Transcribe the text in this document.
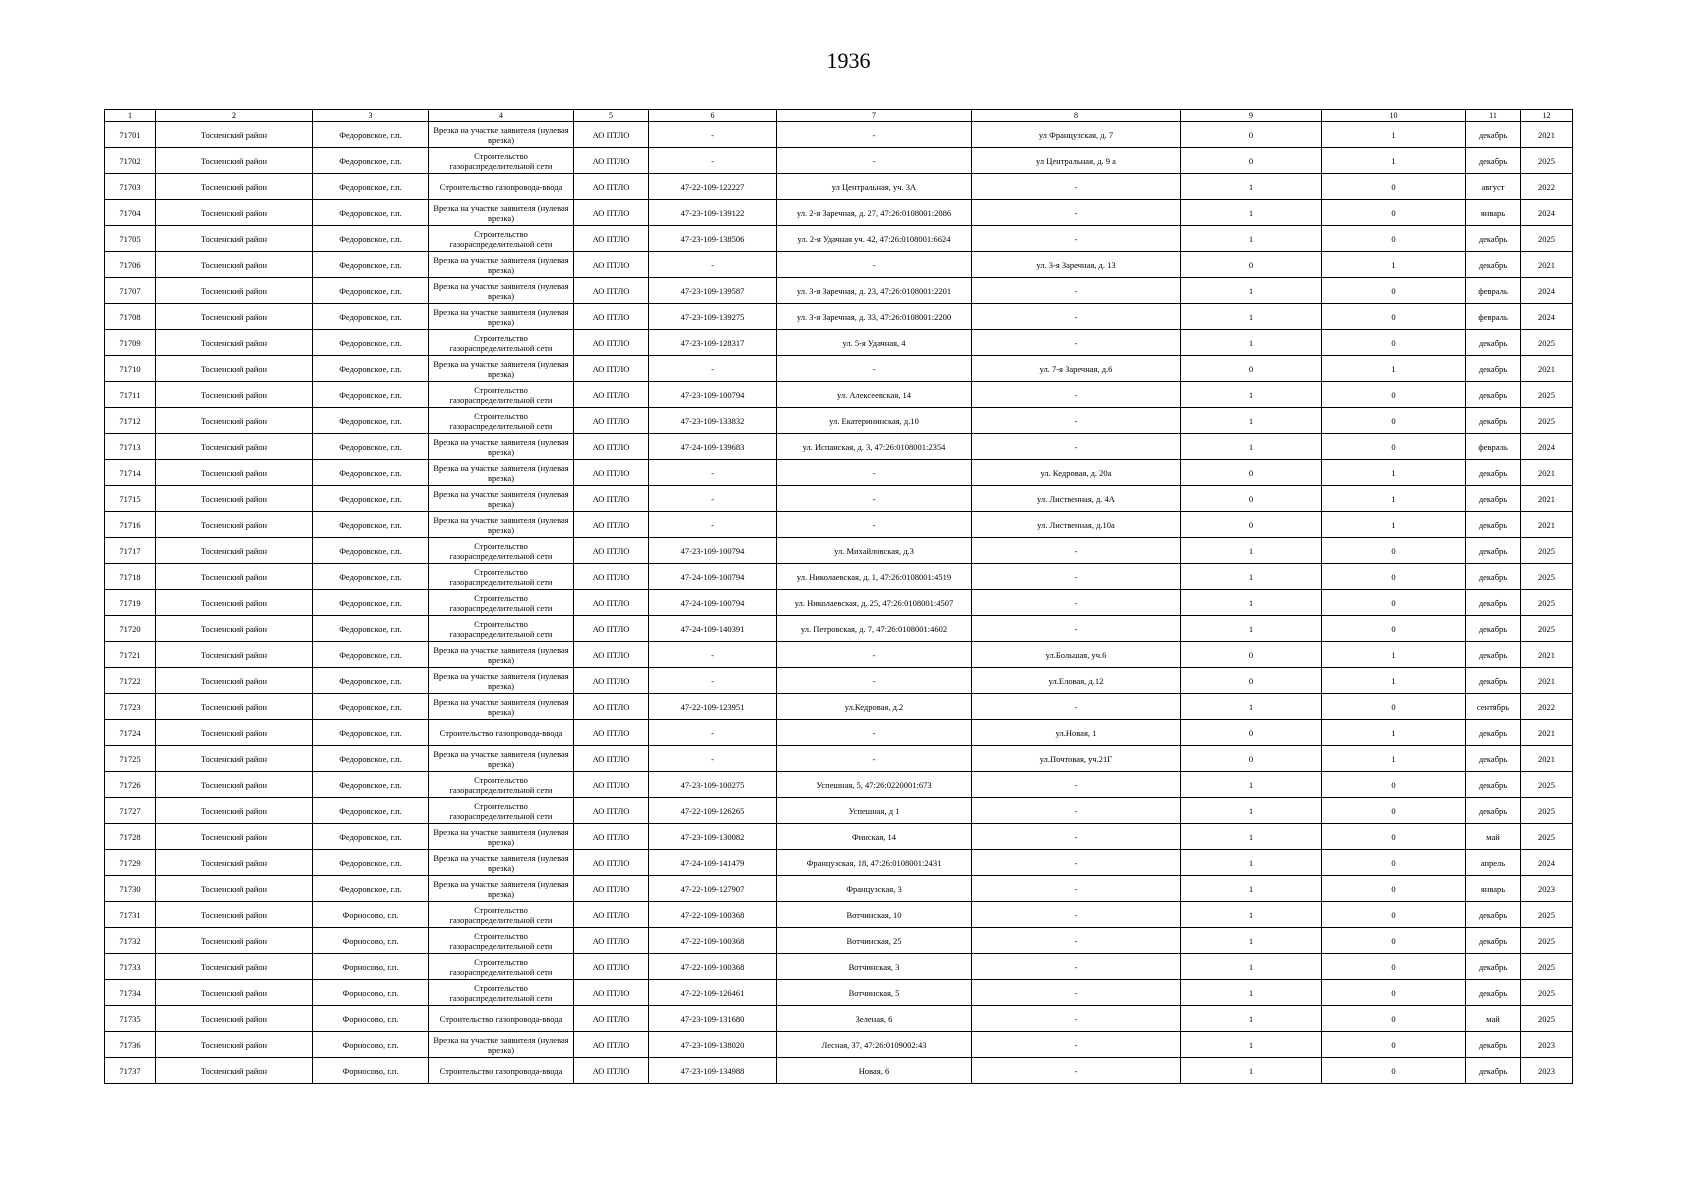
1936
1	2	3	4	5	6	7	8	9	10	11	12
71701	Тосненский район	Федоровское, г.п.	Врезка на участке заявителя (нулевая врезка)	АО ПТЛО	-	-	ул Французская, д. 7	0	1	декабрь	2021
71702	Тосненский район	Федоровское, г.п.	Строительство газораспределительной сети	АО ПТЛО	-	-	ул Центральная, д. 9 а	0	1	декабрь	2025
71703	Тосненский район	Федоровское, г.п.	Строительство газопровода-ввода	АО ПТЛО	47-22-109-122227	ул Центральная, уч. 3А	-	1	0	август	2022
71704	Тосненский район	Федоровское, г.п.	Врезка на участке заявителя (нулевая врезка)	АО ПТЛО	47-23-109-139122	ул. 2-я Заречная, д. 27, 47:26:0108001:2086	-	1	0	январь	2024
71705	Тосненский район	Федоровское, г.п.	Строительство газораспределительной сети	АО ПТЛО	47-23-109-138506	ул. 2-я Удачная уч. 42, 47:26:0108001:6624	-	1	0	декабрь	2025
71706	Тосненский район	Федоровское, г.п.	Врезка на участке заявителя (нулевая врезка)	АО ПТЛО	-	-	ул. 3-я Заречная, д. 13	0	1	декабрь	2021
71707	Тосненский район	Федоровское, г.п.	Врезка на участке заявителя (нулевая врезка)	АО ПТЛО	47-23-109-139587	ул. 3-я Заречная, д. 23, 47:26:0108001:2201	-	1	0	февраль	2024
71708	Тосненский район	Федоровское, г.п.	Врезка на участке заявителя (нулевая врезка)	АО ПТЛО	47-23-109-139275	ул. 3-я Заречная, д. 33, 47:26:0108001:2200	-	1	0	февраль	2024
71709	Тосненский район	Федоровское, г.п.	Строительство газораспределительной сети	АО ПТЛО	47-23-109-128317	ул. 5-я Удачная, 4	-	1	0	декабрь	2025
71710	Тосненский район	Федоровское, г.п.	Врезка на участке заявителя (нулевая врезка)	АО ПТЛО	-	-	ул. 7-я Заречная, д.6	0	1	декабрь	2021
71711	Тосненский район	Федоровское, г.п.	Строительство газораспределительной сети	АО ПТЛО	47-23-109-100794	ул. Алексеевская, 14	-	1	0	декабрь	2025
71712	Тосненский район	Федоровское, г.п.	Строительство газораспределительной сети	АО ПТЛО	47-23-109-133832	ул. Екатерининская, д.10	-	1	0	декабрь	2025
71713	Тосненский район	Федоровское, г.п.	Врезка на участке заявителя (нулевая врезка)	АО ПТЛО	47-24-109-139683	ул. Испанская, д. 3, 47:26:0108001:2354	-	1	0	февраль	2024
71714	Тосненский район	Федоровское, г.п.	Врезка на участке заявителя (нулевая врезка)	АО ПТЛО	-	-	ул. Кедровая, д. 20а	0	1	декабрь	2021
71715	Тосненский район	Федоровское, г.п.	Врезка на участке заявителя (нулевая врезка)	АО ПТЛО	-	-	ул. Лиственная, д. 4А	0	1	декабрь	2021
71716	Тосненский район	Федоровское, г.п.	Врезка на участке заявителя (нулевая врезка)	АО ПТЛО	-	-	ул. Лиственная, д.10а	0	1	декабрь	2021
71717	Тосненский район	Федоровское, г.п.	Строительство газораспределительной сети	АО ПТЛО	47-23-109-100794	ул. Михайловская, д.3	-	1	0	декабрь	2025
71718	Тосненский район	Федоровское, г.п.	Строительство газораспределительной сети	АО ПТЛО	47-24-109-100794	ул. Николаевская, д. 1, 47:26:0108001:4519	-	1	0	декабрь	2025
71719	Тосненский район	Федоровское, г.п.	Строительство газораспределительной сети	АО ПТЛО	47-24-109-100794	ул. Николаевская, д. 25, 47:26:0108001:4507	-	1	0	декабрь	2025
71720	Тосненский район	Федоровское, г.п.	Строительство газораспределительной сети	АО ПТЛО	47-24-109-140391	ул. Петровская, д. 7, 47:26:0108001:4602	-	1	0	декабрь	2025
71721	Тосненский район	Федоровское, г.п.	Врезка на участке заявителя (нулевая врезка)	АО ПТЛО	-	-	ул.Большая, уч.6	0	1	декабрь	2021
71722	Тосненский район	Федоровское, г.п.	Врезка на участке заявителя (нулевая врезка)	АО ПТЛО	-	-	ул.Еловая, д.12	0	1	декабрь	2021
71723	Тосненский район	Федоровское, г.п.	Врезка на участке заявителя (нулевая врезка)	АО ПТЛО	47-22-109-123951	ул.Кедровая, д.2	-	1	0	сентябрь	2022
71724	Тосненский район	Федоровское, г.п.	Строительство газопровода-ввода	АО ПТЛО	-	-	ул.Новая, 1	0	1	декабрь	2021
71725	Тосненский район	Федоровское, г.п.	Врезка на участке заявителя (нулевая врезка)	АО ПТЛО	-	-	ул.Почтовая, уч.21Г	0	1	декабрь	2021
71726	Тосненский район	Федоровское, г.п.	Строительство газораспределительной сети	АО ПТЛО	47-23-109-100275	Успешная, 5, 47:26:0220001:673	-	1	0	декабрь	2025
71727	Тосненский район	Федоровское, г.п.	Строительство газораспределительной сети	АО ПТЛО	47-22-109-126265	Успешная, д 1	-	1	0	декабрь	2025
71728	Тосненский район	Федоровское, г.п.	Врезка на участке заявителя (нулевая врезка)	АО ПТЛО	47-23-109-130082	Финская, 14	-	1	0	май	2025
71729	Тосненский район	Федоровское, г.п.	Врезка на участке заявителя (нулевая врезка)	АО ПТЛО	47-24-109-141479	Французская, 18, 47:26:0108001:2431	-	1	0	апрель	2024
71730	Тосненский район	Федоровское, г.п.	Врезка на участке заявителя (нулевая врезка)	АО ПТЛО	47-22-109-127907	Французская, 3	-	1	0	январь	2023
71731	Тосненский район	Форносово, г.п.	Строительство газораспределительной сети	АО ПТЛО	47-22-109-100368	Вотчинская, 10	-	1	0	декабрь	2025
71732	Тосненский район	Форносово, г.п.	Строительство газораспределительной сети	АО ПТЛО	47-22-109-100368	Вотчинская, 25	-	1	0	декабрь	2025
71733	Тосненский район	Форносово, г.п.	Строительство газораспределительной сети	АО ПТЛО	47-22-109-100368	Вотчинская, 3	-	1	0	декабрь	2025
71734	Тосненский район	Форносово, г.п.	Строительство газораспределительной сети	АО ПТЛО	47-22-109-126461	Вотчинская, 5	-	1	0	декабрь	2025
71735	Тосненский район	Форносово, г.п.	Строительство газопровода-ввода	АО ПТЛО	47-23-109-131680	Зеленая, 6	-	1	0	май	2025
71736	Тосненский район	Форносово, г.п.	Врезка на участке заявителя (нулевая врезка)	АО ПТЛО	47-23-109-138020	Лесная, 37, 47:26:0109002:43	-	1	0	декабрь	2023
71737	Тосненский район	Форносово, г.п.	Строительство газопровода-ввода	АО ПТЛО	47-23-109-134988	Новая, 6	-	1	0	декабрь	2023
